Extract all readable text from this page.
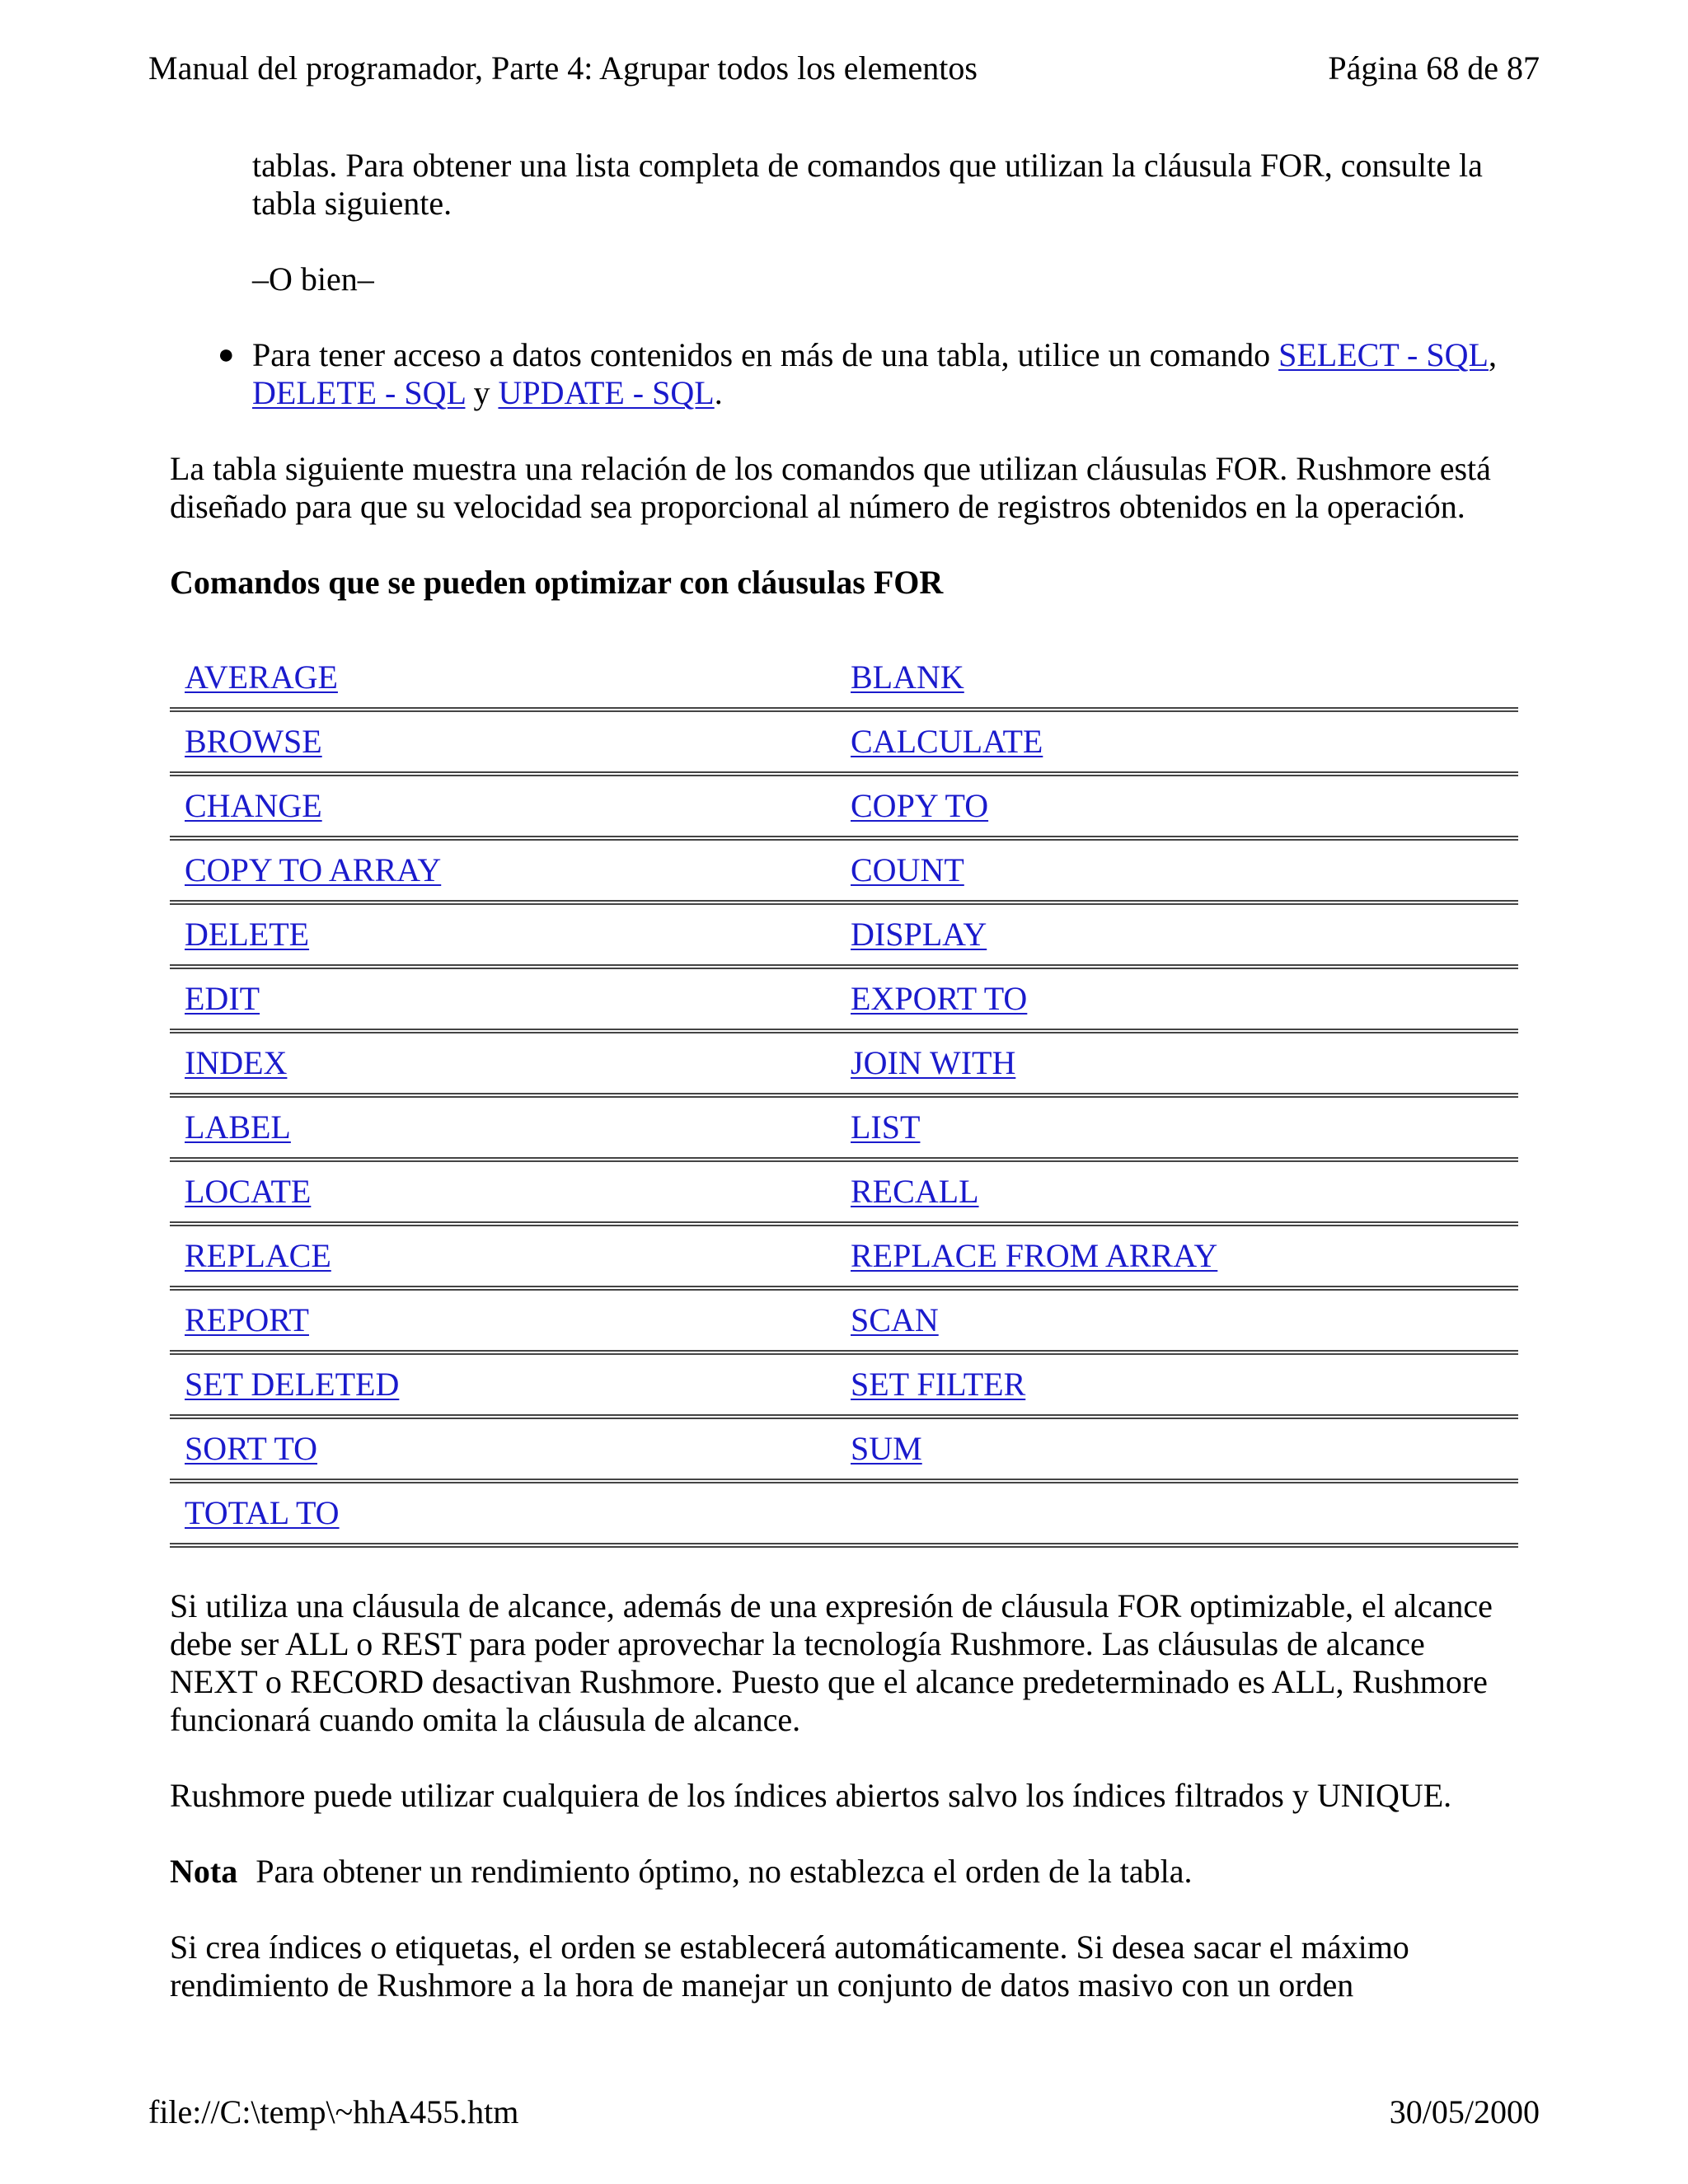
Manual del programador, Parte 4: Agrupar todos los elementos	Página 68 de 87

tablas. Para obtener una lista completa de comandos que utilizan la cláusula FOR, consulte la tabla siguiente.

–O bien–

● Para tener acceso a datos contenidos en más de una tabla, utilice un comando SELECT - SQL, DELETE - SQL y UPDATE - SQL.

La tabla siguiente muestra una relación de los comandos que utilizan cláusulas FOR. Rushmore está diseñado para que su velocidad sea proporcional al número de registros obtenidos en la operación.

Comandos que se pueden optimizar con cláusulas FOR

AVERAGE	BLANK
BROWSE	CALCULATE
CHANGE	COPY TO
COPY TO ARRAY	COUNT
DELETE	DISPLAY
EDIT	EXPORT TO
INDEX	JOIN WITH
LABEL	LIST
LOCATE	RECALL
REPLACE	REPLACE FROM ARRAY
REPORT	SCAN
SET DELETED	SET FILTER
SORT TO	SUM
TOTAL TO	

Si utiliza una cláusula de alcance, además de una expresión de cláusula FOR optimizable, el alcance debe ser ALL o REST para poder aprovechar la tecnología Rushmore. Las cláusulas de alcance NEXT o RECORD desactivan Rushmore. Puesto que el alcance predeterminado es ALL, Rushmore funcionará cuando omita la cláusula de alcance.

Rushmore puede utilizar cualquiera de los índices abiertos salvo los índices filtrados y UNIQUE.

Nota Para obtener un rendimiento óptimo, no establezca el orden de la tabla.

Si crea índices o etiquetas, el orden se establecerá automáticamente. Si desea sacar el máximo rendimiento de Rushmore a la hora de manejar un conjunto de datos masivo con un orden

file://C:\temp\~hhA455.htm	30/05/2000
